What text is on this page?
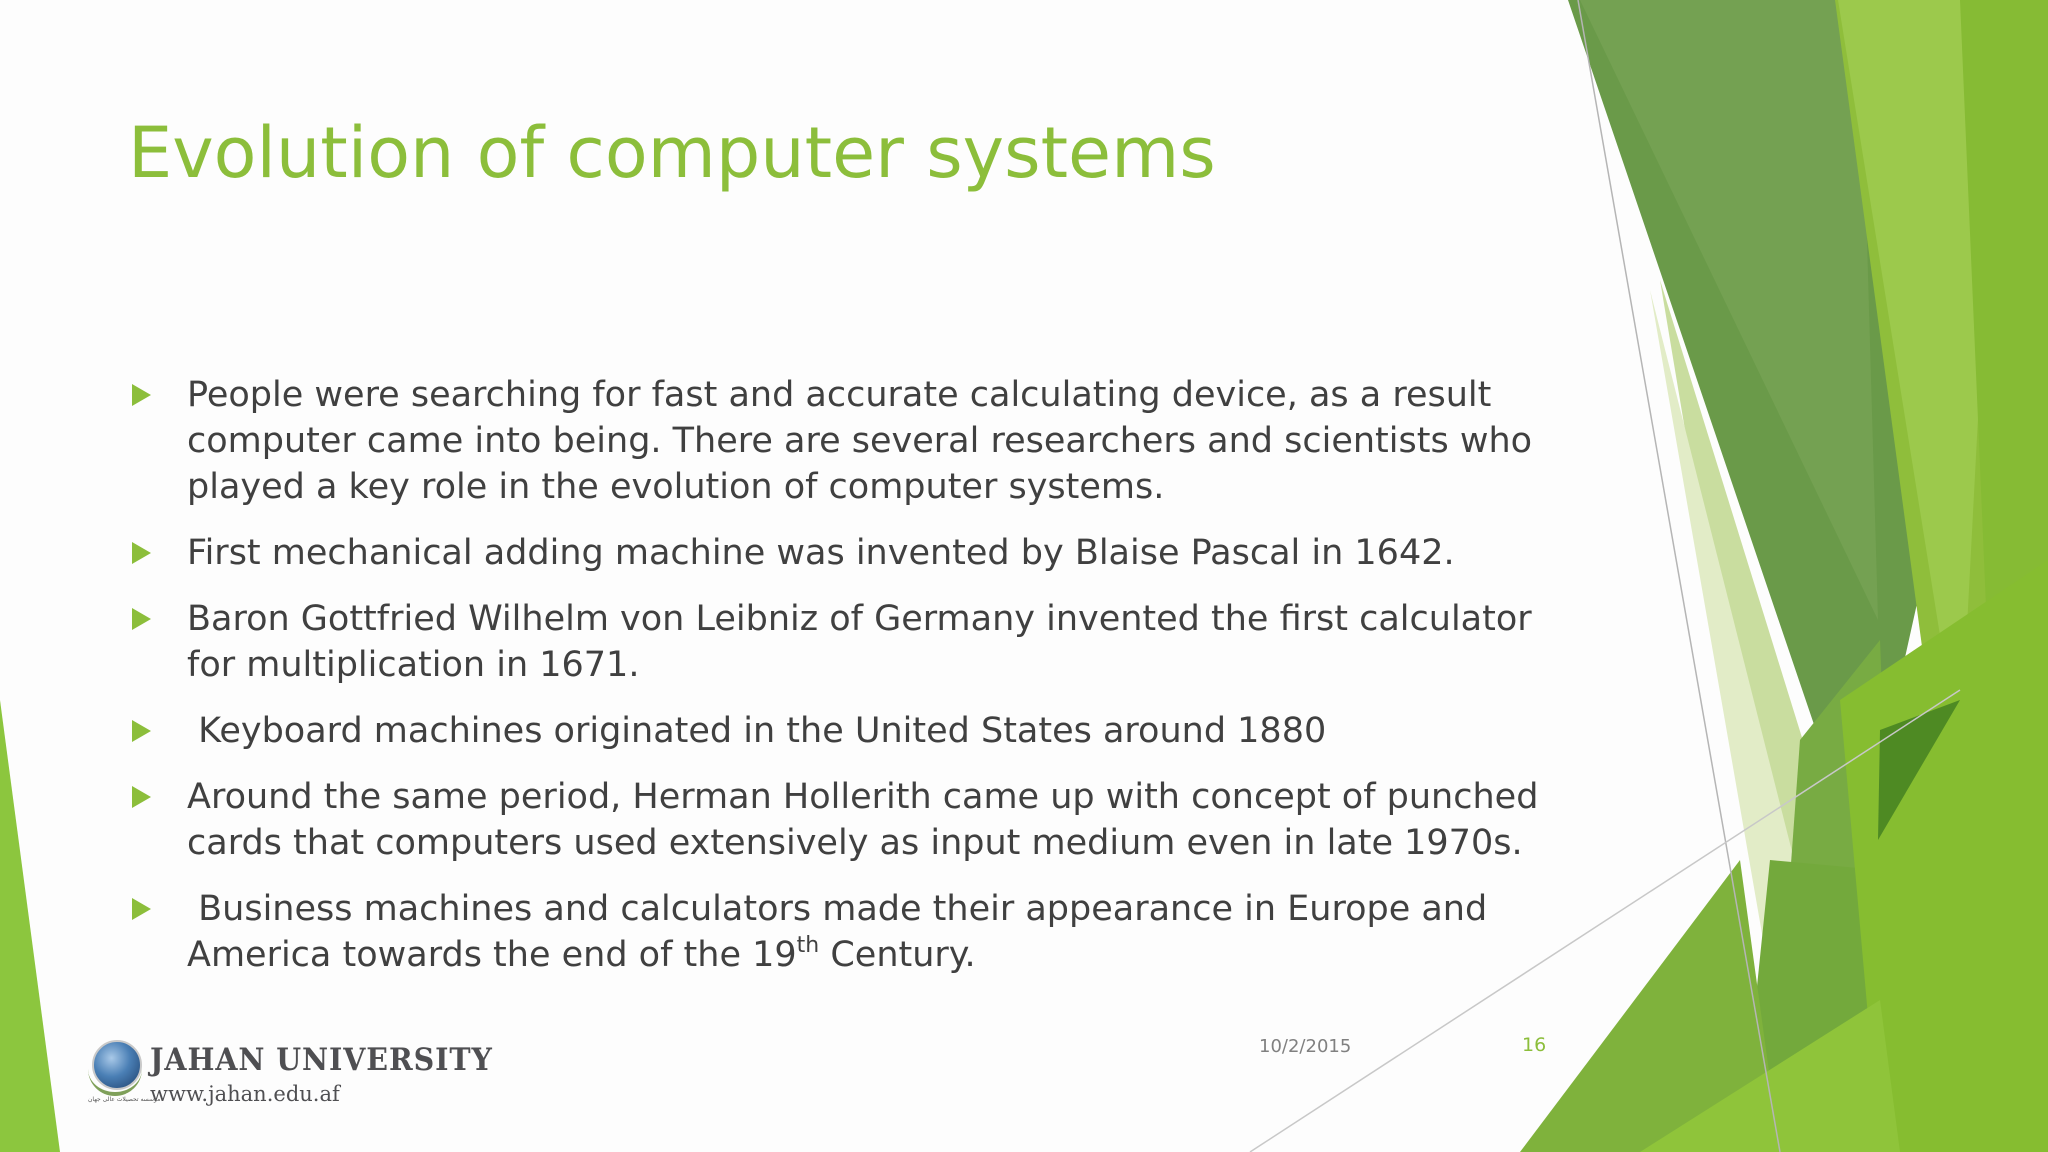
Evolution of computer systems
People were searching for fast and accurate calculating device, as a result computer came into being. There are several researchers and scientists who played a key role in the evolution of computer systems.
First mechanical adding machine was invented by Blaise Pascal in 1642.
Baron Gottfried Wilhelm von Leibniz of Germany invented the first calculator for multiplication in 1671.
Keyboard machines originated in the United States around 1880
Around the same period, Herman Hollerith came up with concept of punched cards that computers used extensively as input medium even in late 1970s.
Business machines and calculators made their appearance in Europe and America towards the end of the 19th Century.
10/2/2015	16
JAHAN UNIVERSITY
www.jahan.edu.af
موسسه تحصیلات عالی جهان
